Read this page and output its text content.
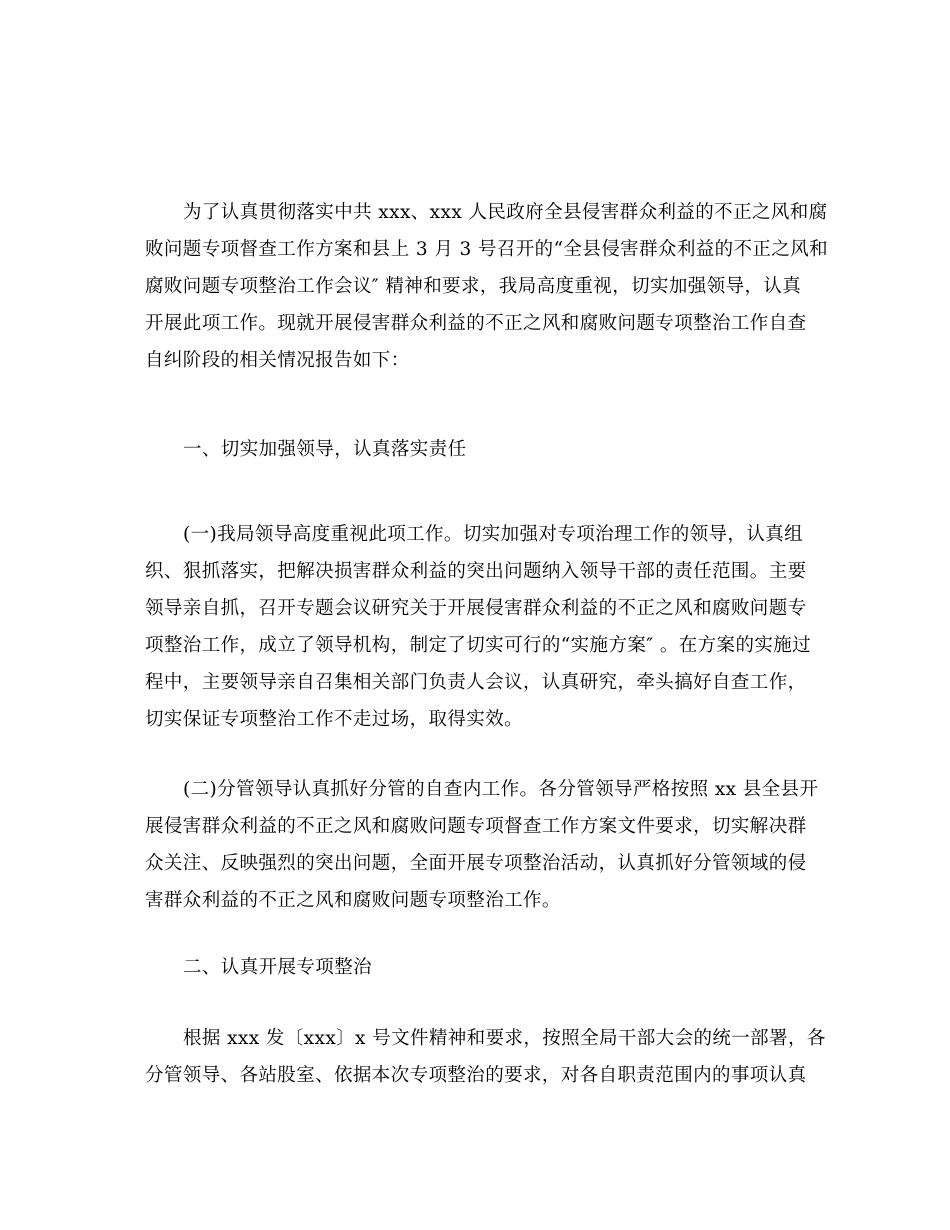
为了认真贯彻落实中共 xxx、xxx 人民政府全县侵害群众利益的不正之风和腐
败问题专项督查工作方案和县上 3 月 3 号召开的“全县侵害群众利益的不正之风和
腐败问题专项整治工作会议″ 精神和要求，我局高度重视，切实加强领导，认真
开展此项工作。现就开展侵害群众利益的不正之风和腐败问题专项整治工作自查
自纠阶段的相关情况报告如下：
一、切实加强领导，认真落实责任
(一)我局领导高度重视此项工作。切实加强对专项治理工作的领导，认真组
织、狠抓落实，把解决损害群众利益的突出问题纳入领导干部的责任范围。主要
领导亲自抓，召开专题会议研究关于开展侵害群众利益的不正之风和腐败问题专
项整治工作，成立了领导机构，制定了切实可行的“实施方案″ 。在方案的实施过
程中，主要领导亲自召集相关部门负责人会议，认真研究，牵头搞好自查工作，
切实保证专项整治工作不走过场，取得实效。
(二)分管领导认真抓好分管的自查内工作。各分管领导严格按照 xx 县全县开
展侵害群众利益的不正之风和腐败问题专项督查工作方案文件要求，切实解决群
众关注、反映强烈的突出问题，全面开展专项整治活动，认真抓好分管领域的侵
害群众利益的不正之风和腐败问题专项整治工作。
二、认真开展专项整治
根据 xxx 发〔xxx〕x 号文件精神和要求，按照全局干部大会的统一部署，各
分管领导、各站股室、依据本次专项整治的要求，对各自职责范围内的事项认真
